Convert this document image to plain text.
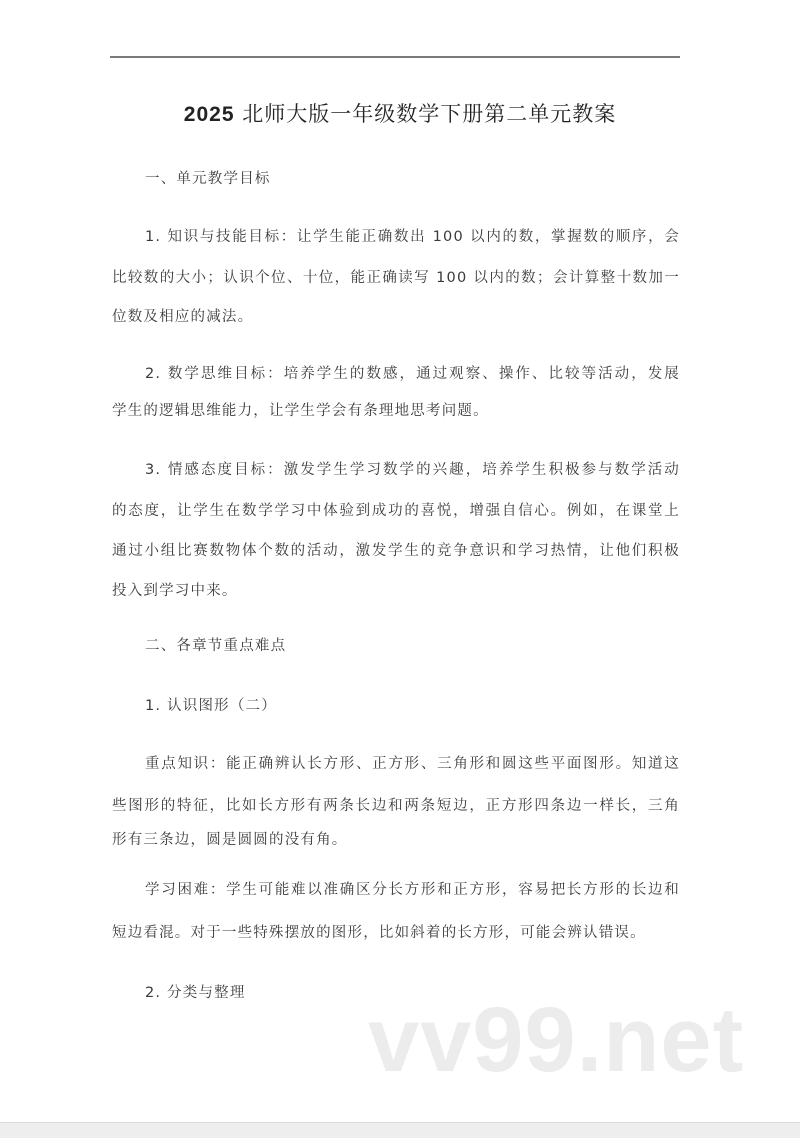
2025 北师大版一年级数学下册第二单元教案
一、单元教学目标
1. 知识与技能目标：让学生能正确数出 100 以内的数，掌握数的顺序，会
比较数的大小；认识个位、十位，能正确读写 100 以内的数；会计算整十数加一
位数及相应的减法。
2. 数学思维目标：培养学生的数感，通过观察、操作、比较等活动，发展
学生的逻辑思维能力，让学生学会有条理地思考问题。
3. 情感态度目标：激发学生学习数学的兴趣，培养学生积极参与数学活动
的态度，让学生在数学学习中体验到成功的喜悦，增强自信心。例如，在课堂上
通过小组比赛数物体个数的活动，激发学生的竞争意识和学习热情，让他们积极
投入到学习中来。
二、各章节重点难点
1. 认识图形（二）
重点知识：能正确辨认长方形、正方形、三角形和圆这些平面图形。知道这
些图形的特征，比如长方形有两条长边和两条短边，正方形四条边一样长，三角
形有三条边，圆是圆圆的没有角。
学习困难：学生可能难以准确区分长方形和正方形，容易把长方形的长边和
短边看混。对于一些特殊摆放的图形，比如斜着的长方形，可能会辨认错误。
2. 分类与整理	vv99.net
